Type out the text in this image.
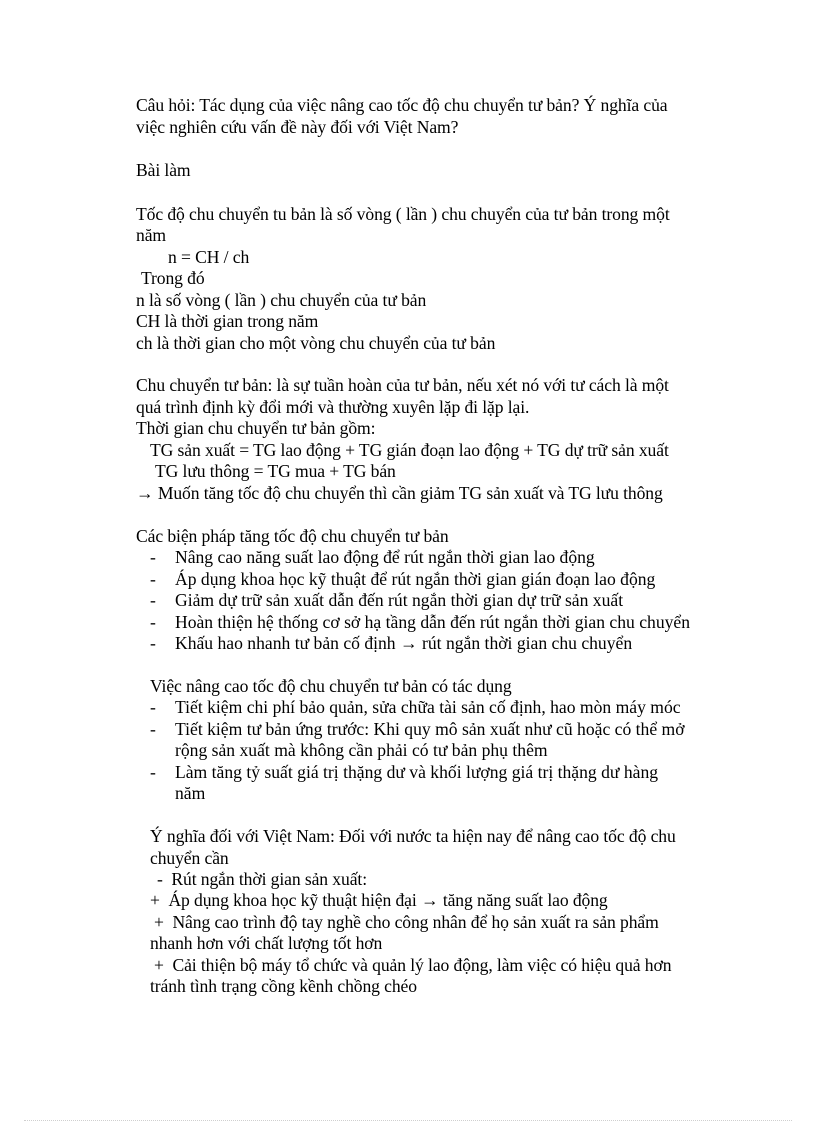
Câu hỏi: Tác dụng của việc nâng cao tốc độ chu chuyển tư bản? Ý nghĩa của
việc nghiên cứu vấn đề này đối với Việt Nam?
Bài làm
Tốc độ chu chuyển tu bản là số vòng ( lần ) chu chuyển của tư bản trong một
năm
n = CH / ch
Trong đó
n là số vòng ( lần ) chu chuyển của tư bản
CH là thời gian trong năm
ch là thời gian cho một vòng chu chuyển của tư bản
Chu chuyển tư bản: là sự tuần hoàn của tư bản, nếu xét nó với tư cách là một
quá trình định kỳ đổi mới và thường xuyên lặp đi lặp lại.
Thời gian chu chuyển tư bản gồm:
TG sản xuất = TG lao động + TG gián đoạn lao động + TG dự trữ sản xuất
TG lưu thông = TG mua + TG bán
→ Muốn tăng tốc độ chu chuyển thì cần giảm TG sản xuất và TG lưu thông
Các biện pháp tăng tốc độ chu chuyển tư bản
- Nâng cao năng suất lao động để rút ngắn thời gian lao động
- Áp dụng khoa học kỹ thuật để rút ngắn thời gian gián đoạn lao động
- Giảm dự trữ sản xuất dẫn đến rút ngắn thời gian dự trữ sản xuất
- Hoàn thiện hệ thống cơ sở hạ tầng dẫn đến rút ngắn thời gian chu chuyển
- Khấu hao nhanh tư bản cố định → rút ngắn thời gian chu chuyển
Việc nâng cao tốc độ chu chuyển tư bản có tác dụng
- Tiết kiệm chi phí bảo quản, sửa chữa tài sản cố định, hao mòn máy móc
- Tiết kiệm tư bản ứng trước: Khi quy mô sản xuất như cũ hoặc có thể mở
rộng sản xuất mà không cần phải có tư bản phụ thêm
- Làm tăng tỷ suất giá trị thặng dư và khối lượng giá trị thặng dư hàng
năm
Ý nghĩa đối với Việt Nam: Đối với nước ta hiện nay để nâng cao tốc độ chu
chuyển cần
- Rút ngắn thời gian sản xuất:
+ Áp dụng khoa học kỹ thuật hiện đại → tăng năng suất lao động
+ Nâng cao trình độ tay nghề cho công nhân để họ sản xuất ra sản phẩm
nhanh hơn với chất lượng tốt hơn
+ Cải thiện bộ máy tổ chức và quản lý lao động, làm việc có hiệu quả hơn
tránh tình trạng cồng kềnh chồng chéo
